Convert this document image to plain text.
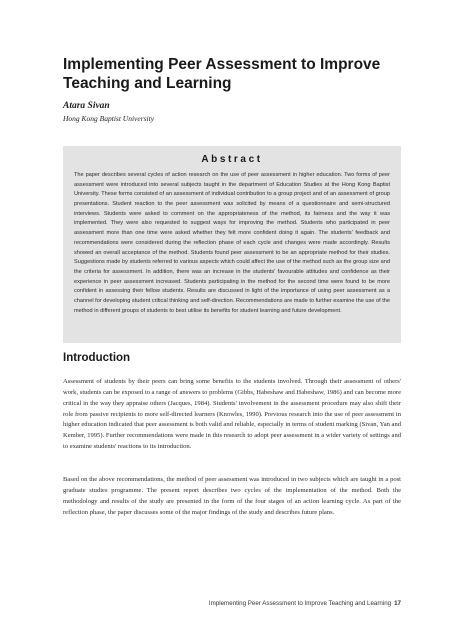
Implementing Peer Assessment to Improve Teaching and Learning

Atara Sivan

Hong Kong Baptist University

Abstract

The paper describes several cycles of action research on the use of peer assessment in higher education. Two forms of peer assessment were introduced into several subjects taught in the department of Education Studies at the Hong Kong Baptist University. These forms consisted of an assessment of individual contribution to a group project and of an assessment of group presentations. Student reaction to the peer assessment was solicited by means of a questionnaire and semi-structured interviews. Students were asked to comment on the appropriateness of the method, its fairness and the way it was implemented. They were also requested to suggest ways for improving the method. Students who participated in peer assessment more than one time were asked whether they felt more confident doing it again. The students' feedback and recommendations were considered during the reflection phase of each cycle and changes were made accordingly. Results showed an overall acceptance of the method. Students found peer assessment to be an appropriate method for their studies. Suggestions made by students referred to various aspects which could affect the use of the method such as the group size and the criteria for assessment. In addition, there was an increase in the students' favourable attitudes and confidence as their experience in peer assessment increased. Students participating in the method for the second time were found to be more confident in assessing their fellow students. Results are discussed in light of the importance of using peer assessment as a channel for developing student critical thinking and self-direction. Recommendations are made to further examine the use of the method in different groups of students to best utilise its benefits for student learning and future development.

Introduction

Assessment of students by their peers can bring some benefits to the students involved. Through their assessment of others' work, students can be exposed to a range of answers to problems (Gibbs, Habeshaw and Habeshaw, 1986) and can become more critical in the way they appraise others (Jacques, 1984). Students' involvement in the assessment procedure may also shift their role from passive recipients to more self-directed learners (Knowles, 1990). Previous research into the use of peer assessment in higher education indicated that peer assessment is both valid and reliable, especially in terms of student marking (Sivan, Yan and Kember, 1995). Further recommendations were made in this research to adopt peer assessment in a wider variety of settings and to examine students' reactions to its introduction.

Based on the above recommendations, the method of peer assessment was introduced in two subjects which are taught in a post graduate studies programme. The present report describes two cycles of the implementation of the method. Both the methodology and results of the study are presented in the form of the four stages of an action learning cycle. As part of the reflection phase, the paper discusses some of the major findings of the study and describes future plans.

Implementing Peer Assessment to Improve Teaching and Learning 17
